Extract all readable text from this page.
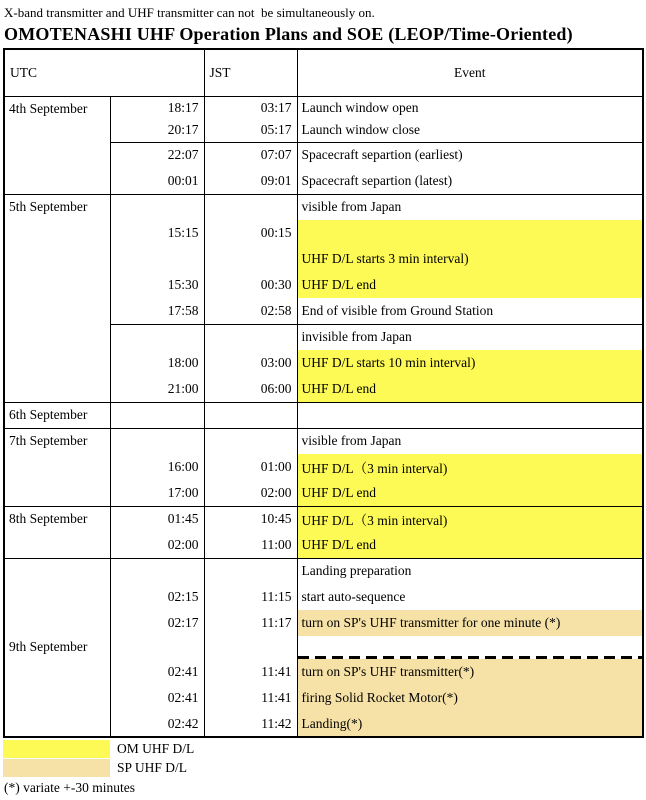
X-band transmitter and UHF transmitter can not  be simultaneously on.
OMOTENASHI UHF Operation Plans and SOE (LEOP/Time-Oriented)
UTC		JST	Event
4th September	18:17	03:17	Launch window open
	20:17	05:17	Launch window close
	22:07	07:07	Spacecraft separtion (earliest)
	00:01	09:01	Spacecraft separtion (latest)
5th September			visible from Japan
	15:15	00:15	
			UHF D/L starts 3 min interval)
	15:30	00:30	UHF D/L end
	17:58	02:58	End of visible from Ground Station
			invisible from Japan
	18:00	03:00	UHF D/L starts 10 min interval)
	21:00	06:00	UHF D/L end
6th September			
7th September			visible from Japan
	16:00	01:00	UHF D/L（3 min interval)
	17:00	02:00	UHF D/L end
8th September	01:45	10:45	UHF D/L（3 min interval)
	02:00	11:00	UHF D/L end
9th September			Landing preparation
	02:15	11:15	start auto-sequence
	02:17	11:17	turn on SP's UHF transmitter for one minute (*)

	02:41	11:41	turn on SP's UHF transmitter(*)
	02:41	11:41	firing Solid Rocket Motor(*)
	02:42	11:42	Landing(*)
OM UHF D/L
SP UHF D/L
(*) variate +-30 minutes
